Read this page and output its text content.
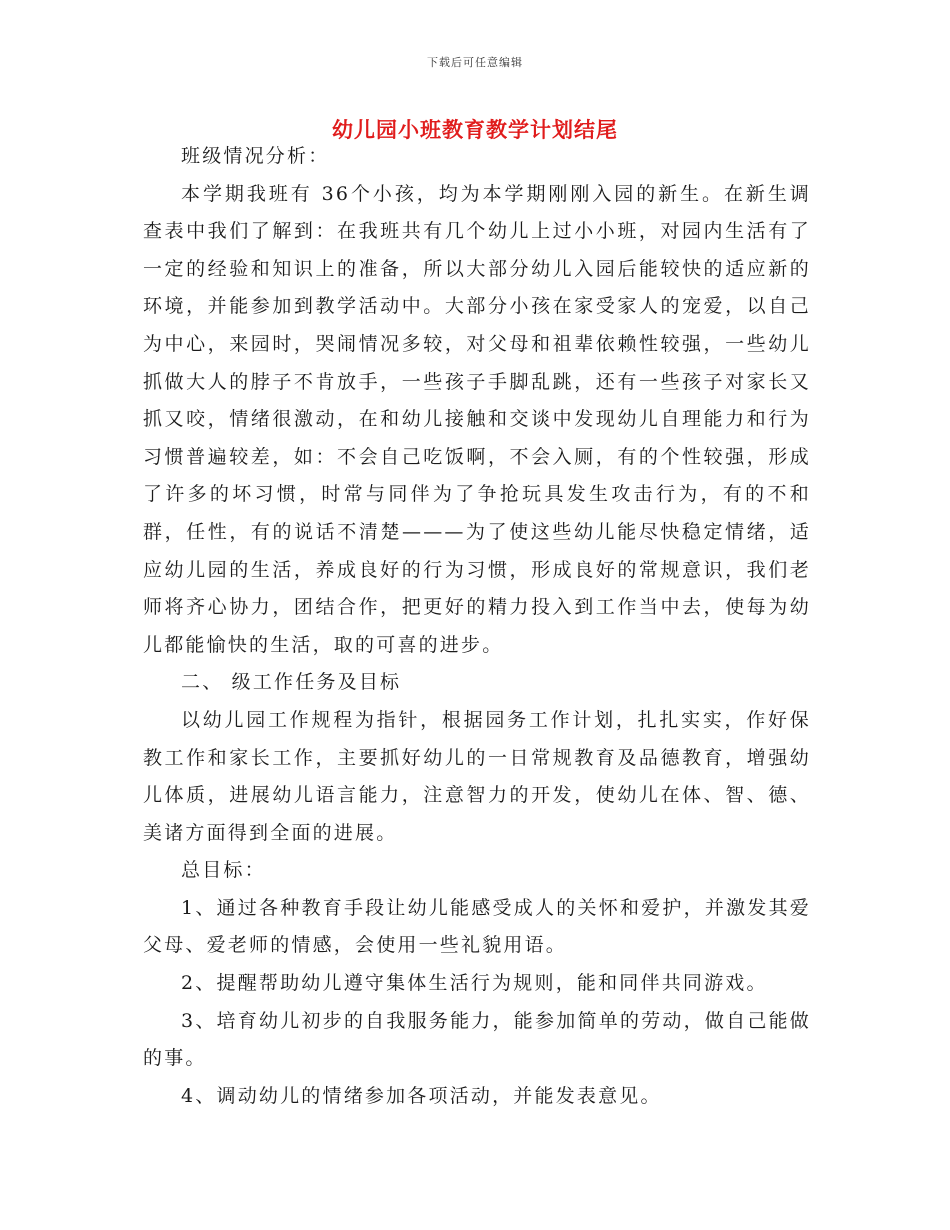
下载后可任意编辑
幼儿园小班教育教学计划结尾

班级情况分析：

本学期我班有 36个小孩，均为本学期刚刚入园的新生。在新生调查表中我们了解到：在我班共有几个幼儿上过小小班，对园内生活有了一定的经验和知识上的准备，所以大部分幼儿入园后能较快的适应新的环境，并能参加到教学活动中。大部分小孩在家受家人的宠爱，以自己为中心，来园时，哭闹情况多较，对父母和祖辈依赖性较强，一些幼儿抓做大人的脖子不肯放手，一些孩子手脚乱跳，还有一些孩子对家长又抓又咬，情绪很激动，在和幼儿接触和交谈中发现幼儿自理能力和行为习惯普遍较差，如：不会自己吃饭啊，不会入厕，有的个性较强，形成了许多的坏习惯，时常与同伴为了争抢玩具发生攻击行为，有的不和群，任性，有的说话不清楚———为了使这些幼儿能尽快稳定情绪，适应幼儿园的生活，养成良好的行为习惯，形成良好的常规意识，我们老师将齐心协力，团结合作，把更好的精力投入到工作当中去，使每为幼儿都能愉快的生活，取的可喜的进步。

二、 级工作任务及目标

以幼儿园工作规程为指针，根据园务工作计划，扎扎实实，作好保教工作和家长工作，主要抓好幼儿的一日常规教育及品德教育，增强幼儿体质，进展幼儿语言能力，注意智力的开发，使幼儿在体、智、德、美诸方面得到全面的进展。

总目标：

1、通过各种教育手段让幼儿能感受成人的关怀和爱护，并激发其爱父母、爱老师的情感，会使用一些礼貌用语。

2、提醒帮助幼儿遵守集体生活行为规则，能和同伴共同游戏。

3、培育幼儿初步的自我服务能力，能参加简单的劳动，做自己能做的事。

4、调动幼儿的情绪参加各项活动，并能发表意见。
